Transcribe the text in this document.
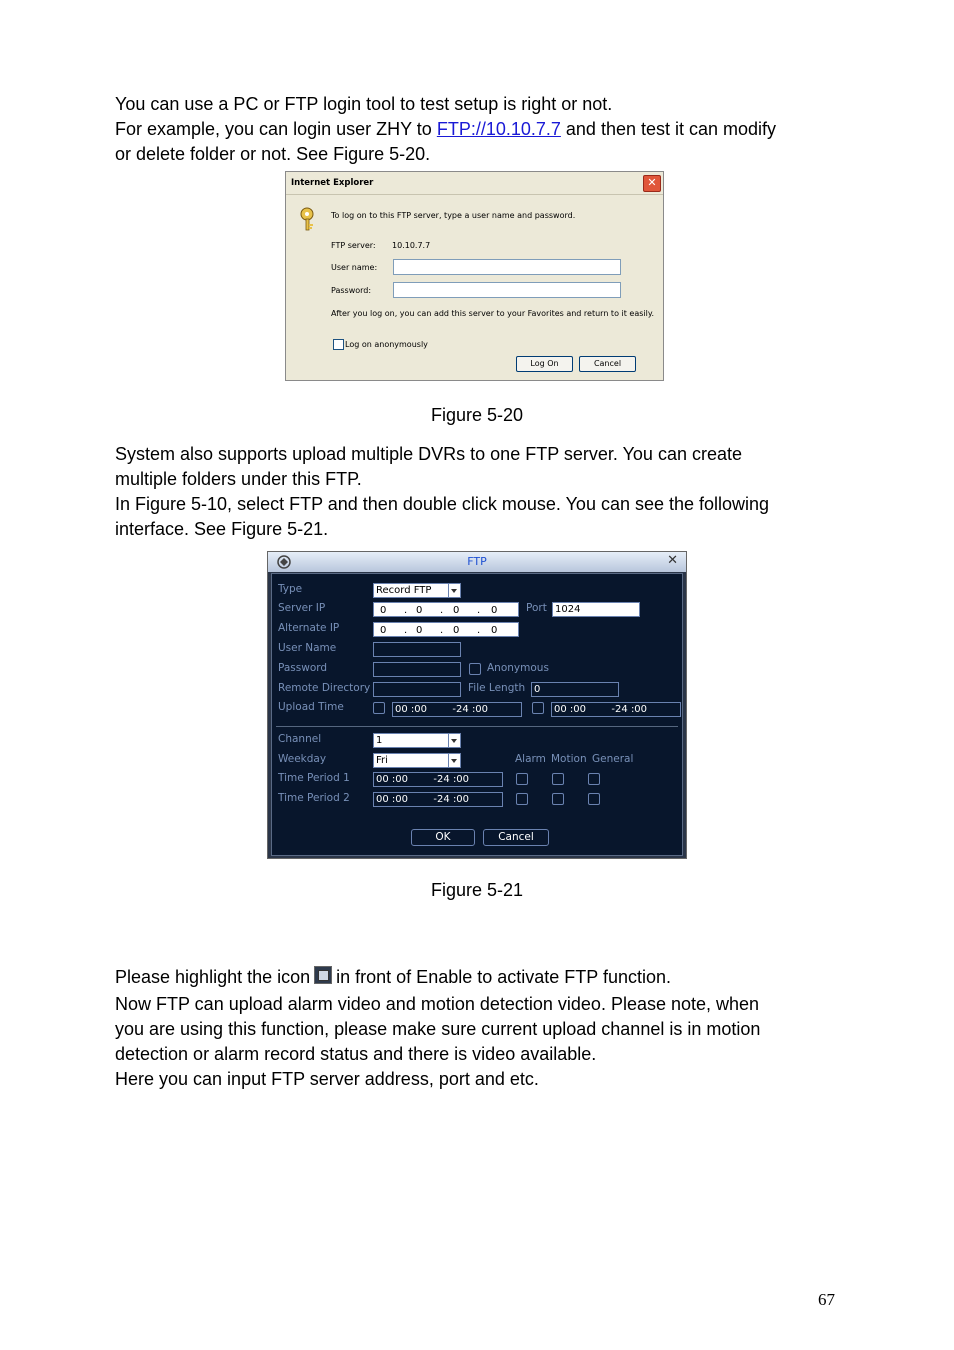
You can use a PC or FTP login tool to test setup is right or not.

For example, you can login user ZHY to FTP://10.10.7.7 and then test it can modify

or delete folder or not. See Figure 5-20.

Internet Explorer	✕
To log on to this FTP server, type a user name and password.
FTP server: 10.10.7.7
User name:
Password:
After you log on, you can add this server to your Favorites and return to it easily.
Log on anonymously
Log On	Cancel
Figure 5-20

System also supports upload multiple DVRs to one FTP server. You can create

multiple folders under this FTP.

In Figure 5-10, select FTP and then double click mouse. You can see the following

interface. See Figure 5-21.

FTP	✕
Type	Record FTP
Server IP	0 . 0 . 0 . 0	Port 1024
Alternate IP	0 . 0 . 0 . 0
User Name
Password	Anonymous
Remote Directory	File Length 0
Upload Time	00 :00        -24 :00	00 :00        -24 :00
Channel	1
Weekday	Fri	Alarm Motion General
Time Period 1	00 :00        -24 :00
Time Period 2	00 :00        -24 :00
OK	Cancel
Figure 5-21

Please highlight the icon in front of Enable to activate FTP function.

Now FTP can upload alarm video and motion detection video. Please note, when

you are using this function, please make sure current upload channel is in motion

detection or alarm record status and there is video available.

Here you can input FTP server address, port and etc.

67
